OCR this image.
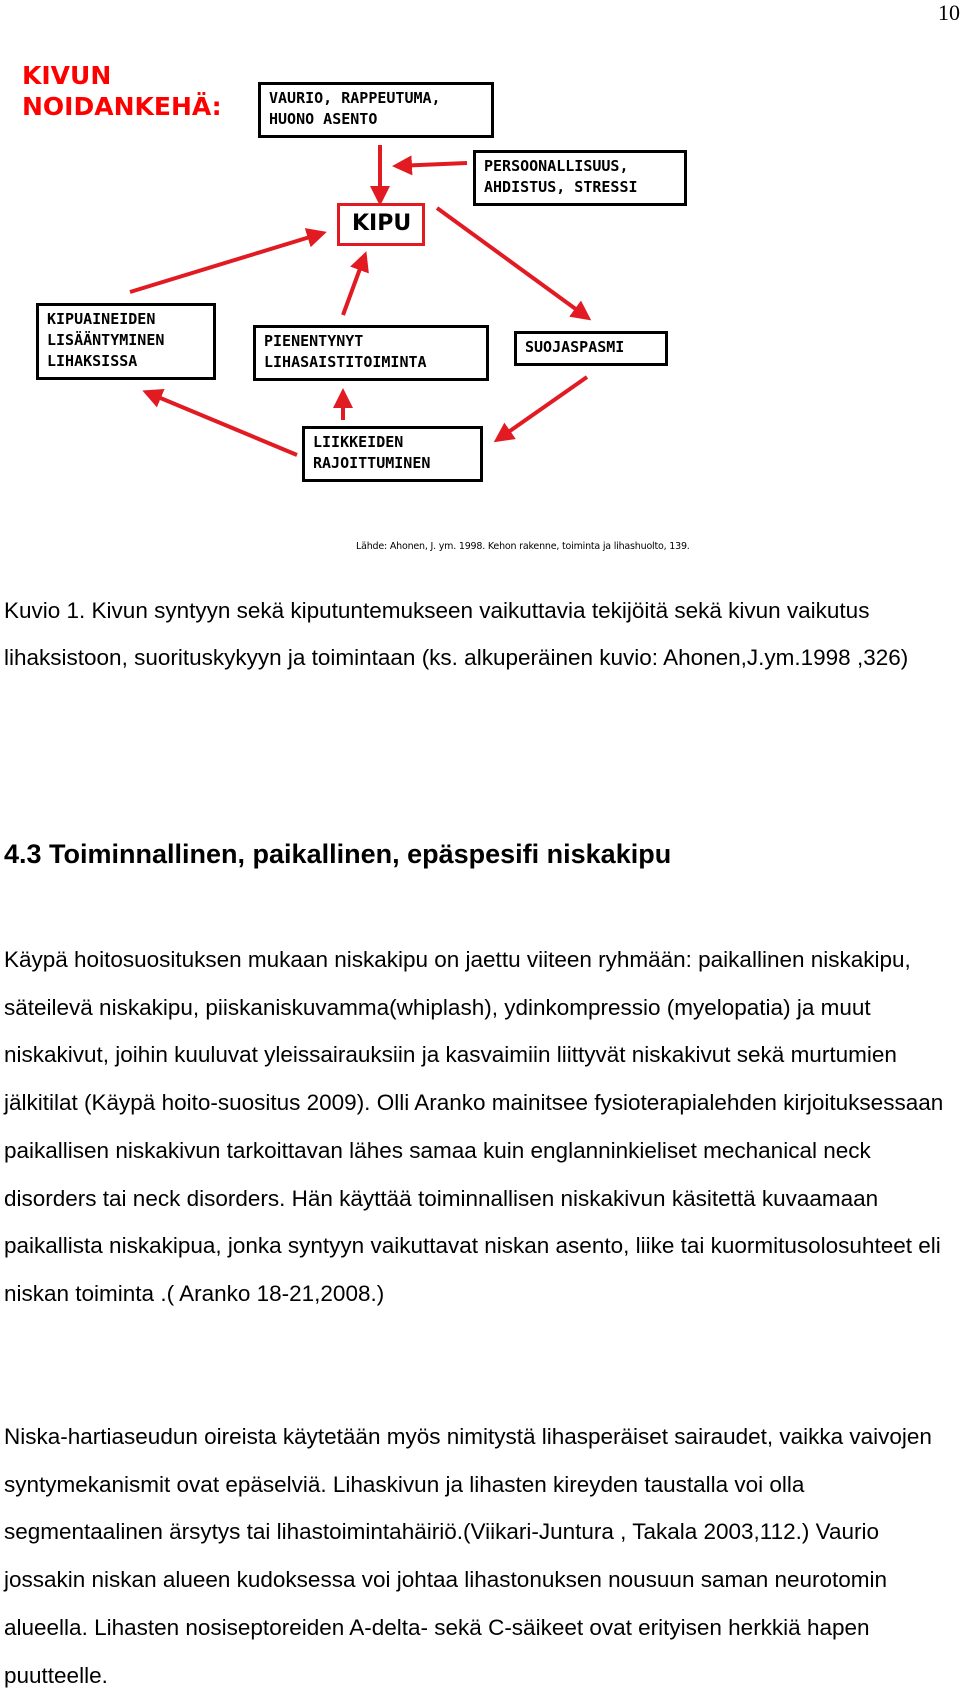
10
KIVUN
NOIDANKEHÄ:	VAURIO, RAPPEUTUMA,
HUONO ASENTO
PERSOONALLISUUS,
AHDISTUS, STRESSI
KIPU
KIPUAINEIDEN
LISÄÄNTYMINEN
LIHAKSISSA
PIENENTYNYT
LIHASAISTITOIMINTA
SUOJASPASMI
LIIKKEIDEN
RAJOITTUMINEN
Lähde: Ahonen, J. ym. 1998. Kehon rakenne, toiminta ja lihashuolto, 139.

Kuvio 1. Kivun syntyyn sekä kiputuntemukseen vaikuttavia tekijöitä sekä kivun vaikutus lihaksistoon, suorituskykyyn ja toimintaan (ks. alkuperäinen kuvio: Ahonen,J.ym.1998 ,326)

4.3 Toiminnallinen, paikallinen, epäspesifi niskakipu

Käypä hoitosuosituksen mukaan niskakipu on jaettu viiteen ryhmään: paikallinen niskakipu, säteilevä niskakipu, piiskaniskuvamma(whiplash), ydinkompressio (myelopatia) ja muut niskakivut, joihin kuuluvat yleissairauksiin ja kasvaimiin liittyvät niskakivut sekä murtumien jälkitilat (Käypä hoito-suositus 2009). Olli Aranko mainitsee fysioterapialehden kirjoituksessaan paikallisen niskakivun tarkoittavan lähes samaa kuin englanninkieliset mechanical neck disorders tai neck disorders. Hän käyttää toiminnallisen niskakivun käsitettä kuvaamaan paikallista niskakipua, jonka syntyyn vaikuttavat niskan asento, liike tai kuormitusolosuhteet eli niskan toiminta .( Aranko 18-21,2008.)

Niska-hartiaseudun oireista käytetään myös nimitystä lihasperäiset sairaudet, vaikka vaivojen syntymekanismit ovat epäselviä. Lihaskivun ja lihasten kireyden taustalla voi olla segmentaalinen ärsytys tai lihastoimintahäiriö.(Viikari-Juntura , Takala 2003,112.) Vaurio jossakin niskan alueen kudoksessa voi johtaa lihastonuksen nousuun saman neurotomin alueella. Lihasten nosiseptoreiden A-delta- sekä C-säikeet ovat erityisen herkkiä hapen puutteelle.
